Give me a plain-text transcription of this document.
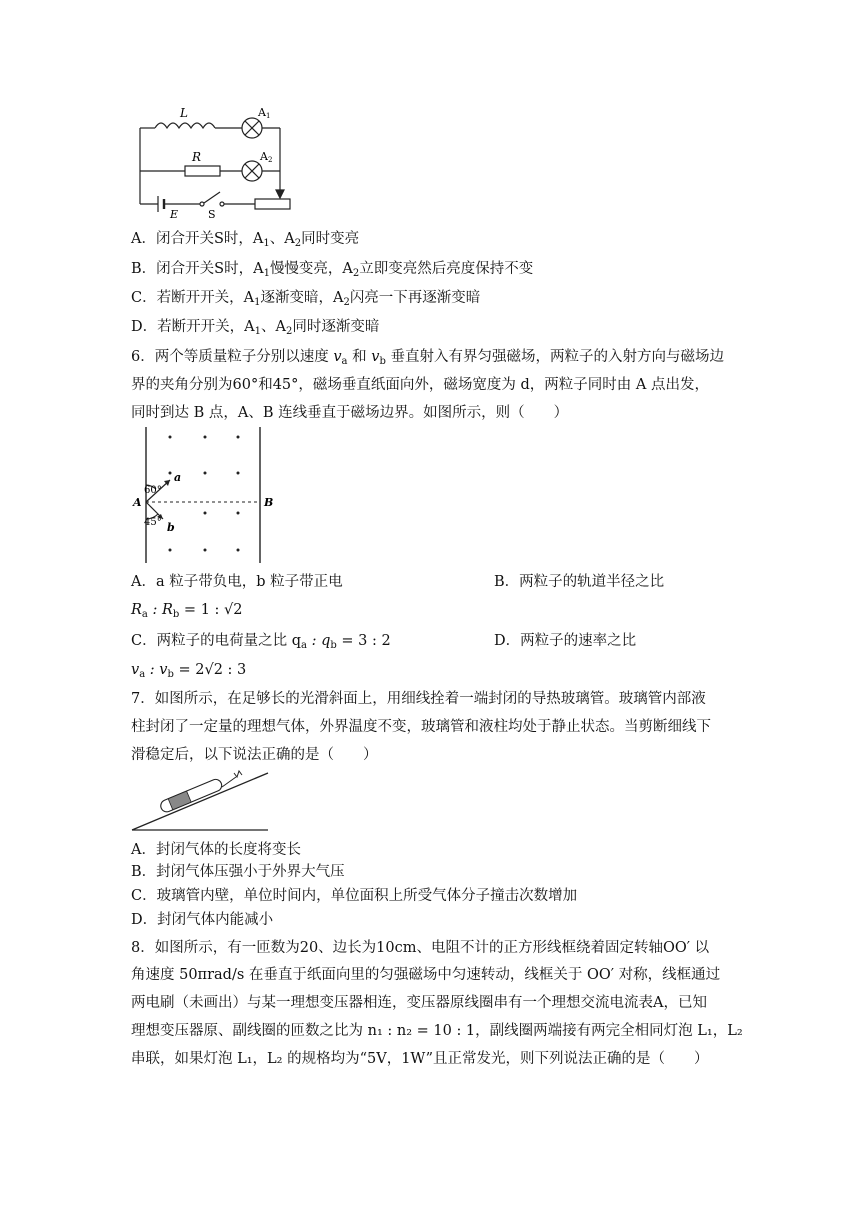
L	A1
R	A2
E	S
A．闭合开关S时，$A_1$、$A_2$同时变亮
B．闭合开关S时，$A_1$慢慢变亮，$A_2$立即变亮然后亮度保持不变
C．若断开开关，$A_1$逐渐变暗，$A_2$闪亮一下再逐渐变暗
D．若断开开关，$A_1$、$A_2$同时逐渐变暗
6．两个等质量粒子分别以速度 $v_a$ 和 $v_b$ 垂直射入有界匀强磁场，两粒子的入射方向与磁场边
界的夹角分别为60°和45°，磁场垂直纸面向外，磁场宽度为 d，两粒子同时由 A 点出发，
同时到达 B 点，A、B 连线垂直于磁场边界。如图所示，则（　　）
A	B
a
b
60°
45°
A．a 粒子带负电，b 粒子带正电	B．两粒子的轨道半径之比
$R_a$ : $R_b = 1$ : √2
C．两粒子的电荷量之比 $q_a$ : $q_b = 3$ : 2	D．两粒子的速率之比
$v_a$ : $v_b = 2√2$ : 3
7．如图所示，在足够长的光滑斜面上，用细线拴着一端封闭的导热玻璃管。玻璃管内部液
柱封闭了一定量的理想气体，外界温度不变，玻璃管和液柱均处于静止状态。当剪断细线下
滑稳定后，以下说法正确的是（　　）
A．封闭气体的长度将变长
B．封闭气体压强小于外界大气压
C．玻璃管内壁，单位时间内，单位面积上所受气体分子撞击次数增加
D．封闭气体内能减小
8．如图所示，有一匝数为20、边长为10cm、电阻不计的正方形线框绕着固定转轴OO′ 以
角速度 50πrad/s 在垂直于纸面向里的匀强磁场中匀速转动，线框关于 OO′ 对称，线框通过
两电刷（未画出）与某一理想变压器相连，变压器原线圈串有一个理想交流电流表A，已知
理想变压器原、副线圈的匝数之比为 n₁ : n₂ = 10 : 1，副线圈两端接有两完全相同灯泡 L₁，L₂
串联，如果灯泡 L₁，L₂ 的规格均为“5V，1W”且正常发光，则下列说法正确的是（　　）
